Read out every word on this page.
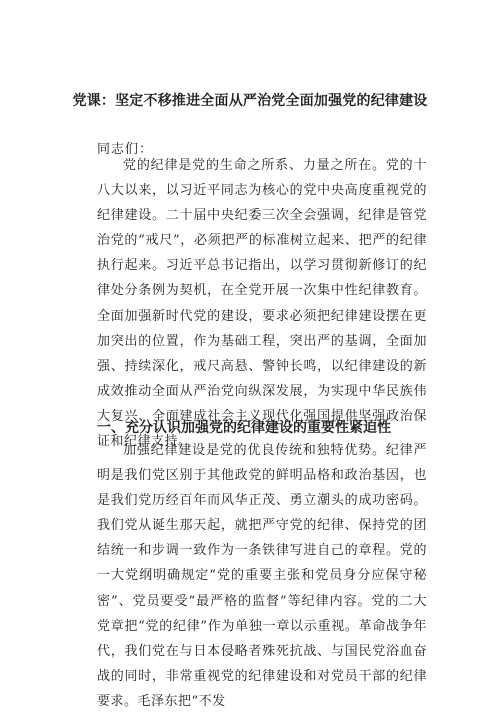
党课：坚定不移推进全面从严治党全面加强党的纪律建设
同志们：

党的纪律是党的生命之所系、力量之所在。党的十八大以来，以习近平同志为核心的党中央高度重视党的纪律建设。二十届中央纪委三次全会强调，纪律是管党治党的“戒尺”，必须把严的标准树立起来、把严的纪律执行起来。习近平总书记指出，以学习贯彻新修订的纪律处分条例为契机，在全党开展一次集中性纪律教育。全面加强新时代党的建设，要求必须把纪律建设摆在更加突出的位置，作为基础工程，突出严的基调，全面加强、持续深化，戒尺高悬、警钟长鸣，以纪律建设的新成效推动全面从严治党向纵深发展，为实现中华民族伟大复兴、全面建成社会主义现代化强国提供坚强政治保证和纪律支持。

一、充分认识加强党的纪律建设的重要性紧迫性

加强纪律建设是党的优良传统和独特优势。纪律严明是我们党区别于其他政党的鲜明品格和政治基因，也是我们党历经百年而风华正茂、勇立潮头的成功密码。我们党从诞生那天起，就把严守党的纪律、保持党的团结统一和步调一致作为一条铁律写进自己的章程。党的一大党纲明确规定“党的重要主张和党员身分应保守秘密”、党员要受“最严格的监督”等纪律内容。党的二大党章把“党的纪律”作为单独一章以示重视。革命战争年代，我们党在与日本侵略者殊死抗战、与国民党浴血奋战的同时，非常重视党的纪律建设和对党员干部的纪律要求。毛泽东把“不发
